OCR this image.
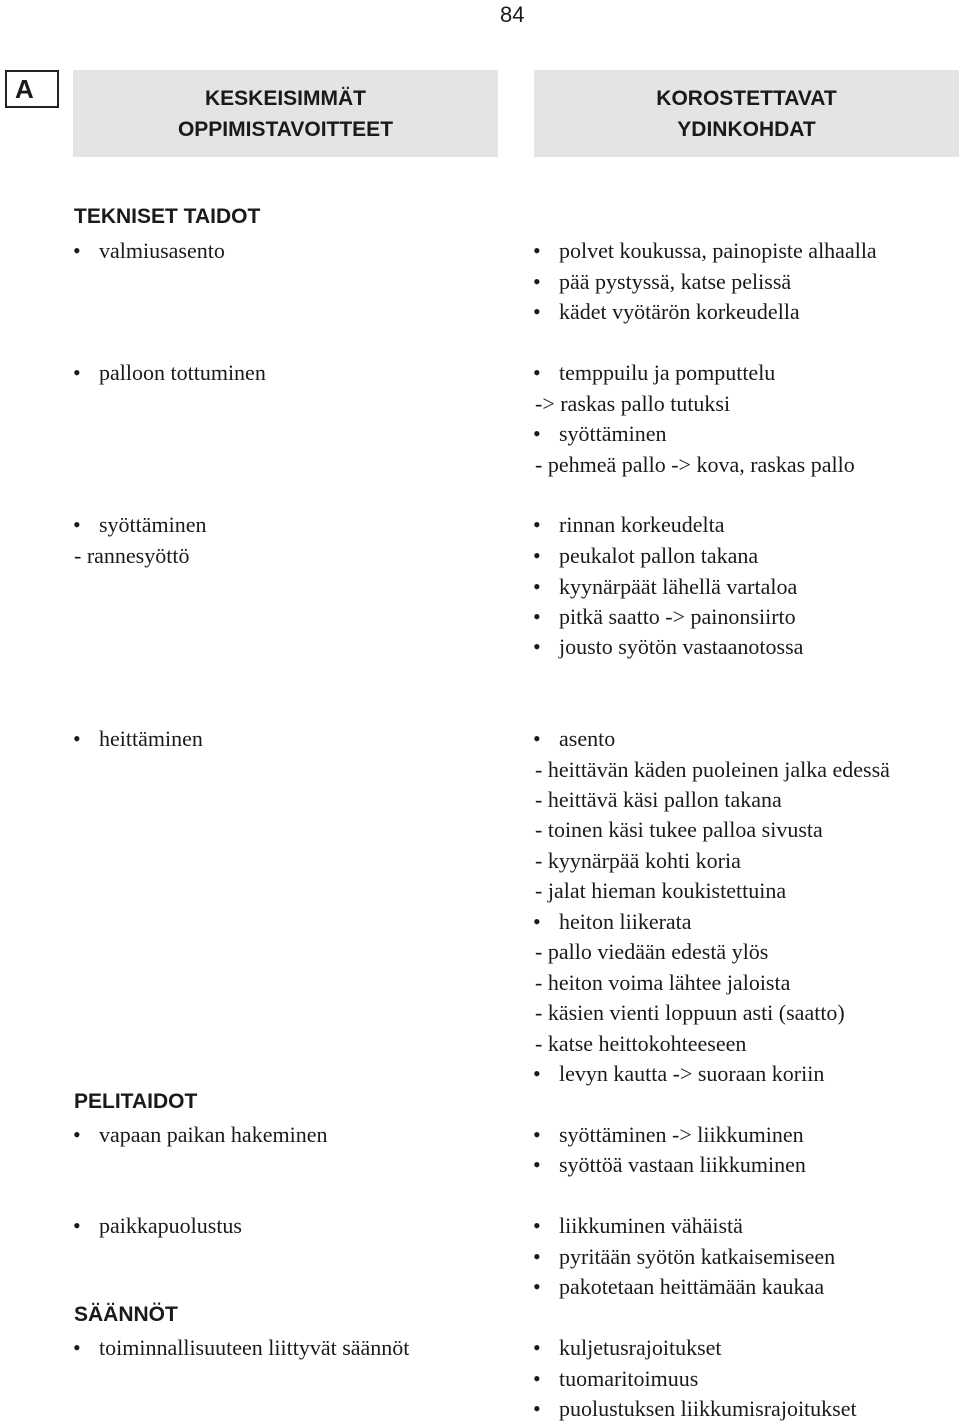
84
A	KESKEISIMMÄT
OPPIMISTAVOITTEET
KOROSTETTAVAT
YDINKOHDAT
TEKNISET TAIDOT
• valmiusasento
• palloon tottuminen
• syöttäminen
- rannesyöttö
• heittäminen
PELITAIDOT
• vapaan paikan hakeminen
• paikkapuolustus
SÄÄNNÖT
• toiminnallisuuteen liittyvät säännöt
• polvet koukussa, painopiste alhaalla
• pää pystyssä, katse pelissä
• kädet vyötärön korkeudella
• temppuilu ja pomputtelu
-> raskas pallo tutuksi
• syöttäminen
- pehmeä pallo -> kova, raskas pallo
• rinnan korkeudelta
• peukalot pallon takana
• kyynärpäät lähellä vartaloa
• pitkä saatto -> painonsiirto
• jousto syötön vastaanotossa
• asento
- heittävän käden puoleinen jalka edessä
- heittävä käsi pallon takana
- toinen käsi tukee palloa sivusta
- kyynärpää kohti koria
- jalat hieman koukistettuina
• heiton liikerata
- pallo viedään edestä ylös
- heiton voima lähtee jaloista
- käsien vienti loppuun asti (saatto)
- katse heittokohteeseen
• levyn kautta -> suoraan koriin
• syöttäminen -> liikkuminen
• syöttöä vastaan liikkuminen
• liikkuminen vähäistä
• pyritään syötön katkaisemiseen
• pakotetaan heittämään kaukaa
• kuljetusrajoitukset
• tuomaritoimuus
• puolustuksen liikkumisrajoitukset
